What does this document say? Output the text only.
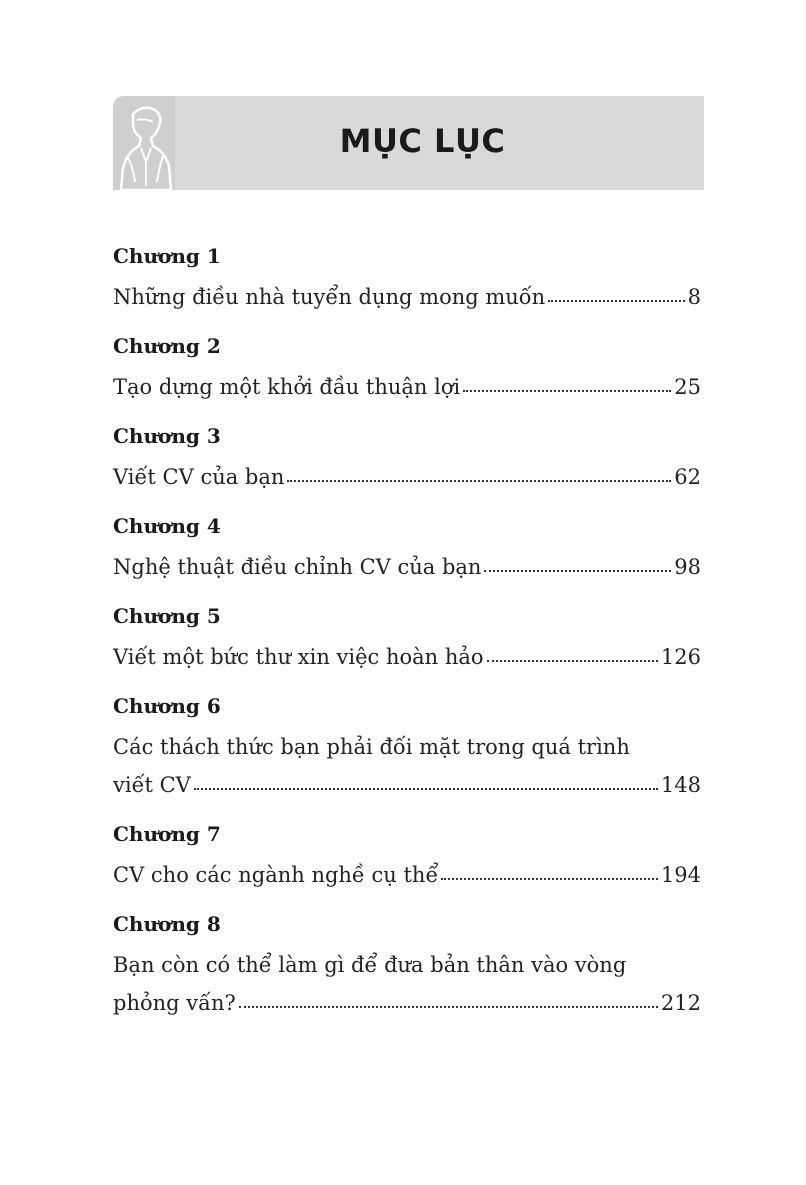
MỤC LỤC
Chương 1
Những điều nhà tuyển dụng mong muốn	8
Chương 2
Tạo dựng một khởi đầu thuận lợi	25
Chương 3
Viết CV của bạn	62
Chương 4
Nghệ thuật điều chỉnh CV của bạn	98
Chương 5
Viết một bức thư xin việc hoàn hảo	126
Chương 6
Các thách thức bạn phải đối mặt trong quá trình
viết CV	148
Chương 7
CV cho các ngành nghề cụ thể	194
Chương 8
Bạn còn có thể làm gì để đưa bản thân vào vòng
phỏng vấn?	212
